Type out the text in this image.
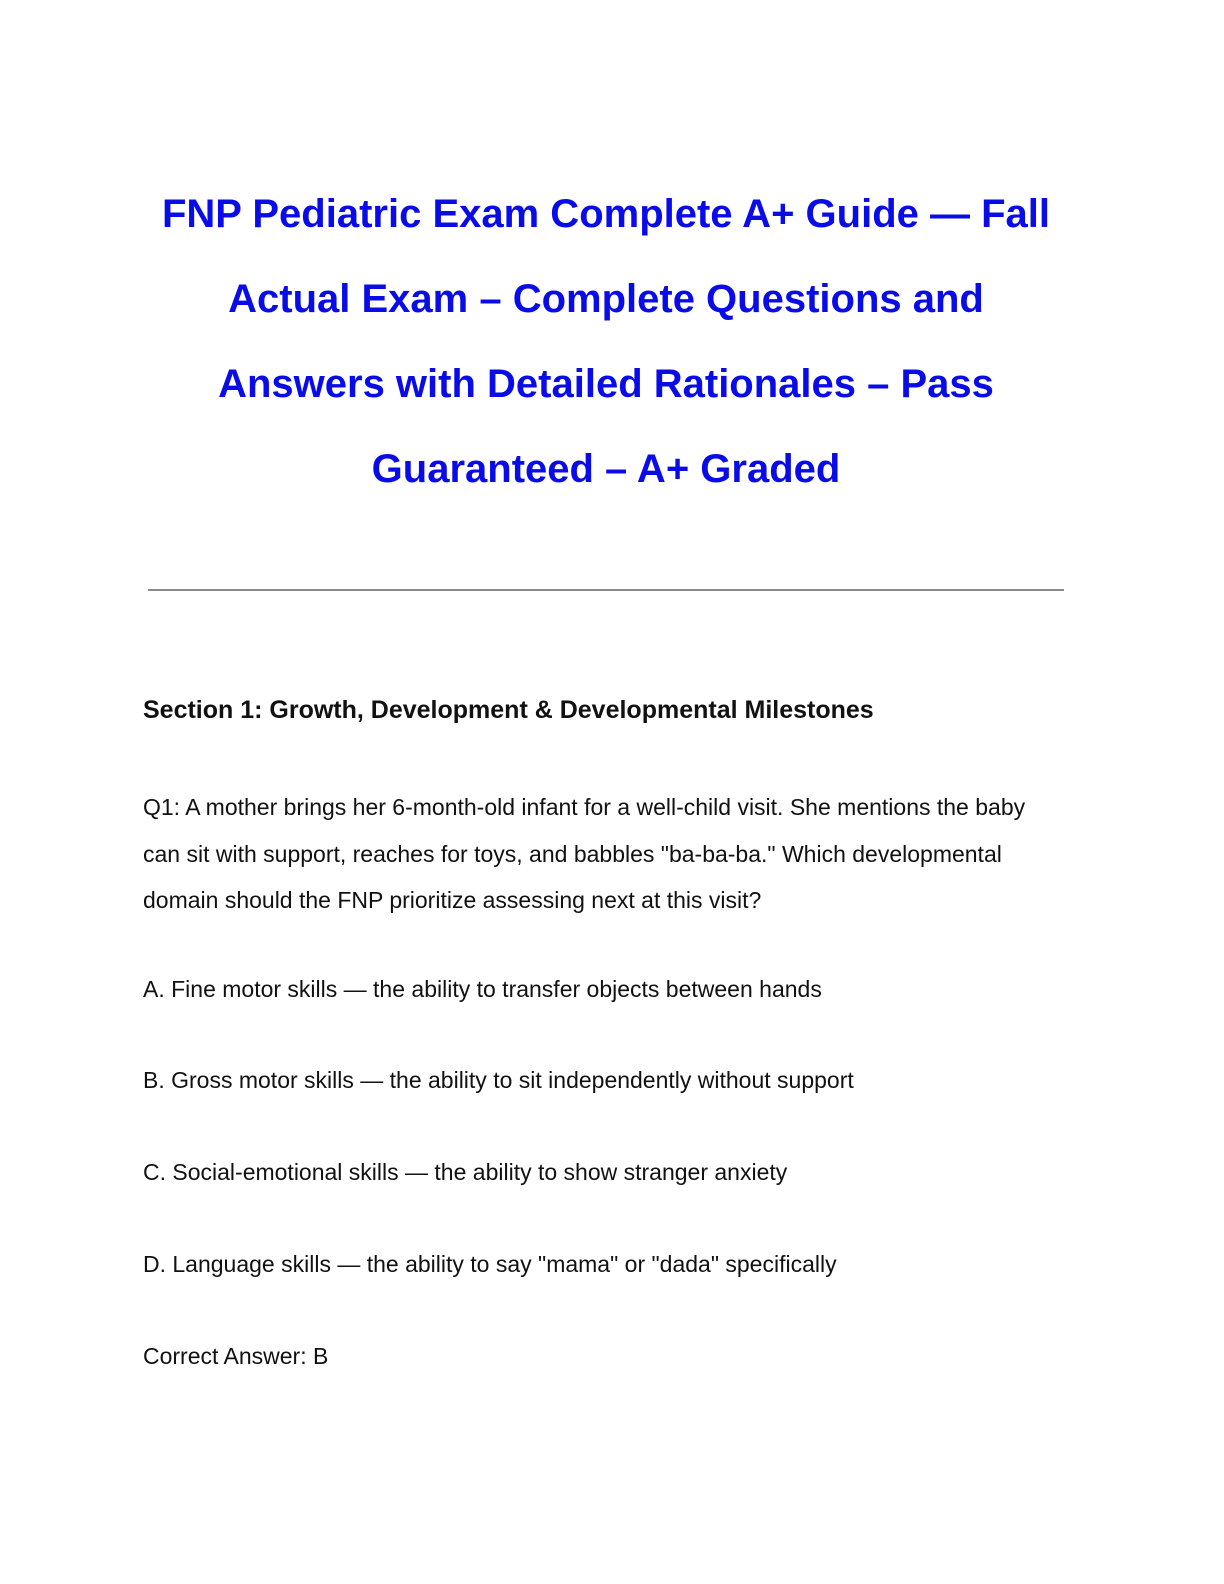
FNP Pediatric Exam Complete A+ Guide — Fall Actual Exam – Complete Questions and Answers with Detailed Rationales – Pass Guaranteed – A+ Graded
Section 1: Growth, Development & Developmental Milestones

Q1: A mother brings her 6-month-old infant for a well-child visit. She mentions the baby can sit with support, reaches for toys, and babbles "ba-ba-ba." Which developmental domain should the FNP prioritize assessing next at this visit?

A. Fine motor skills — the ability to transfer objects between hands

B. Gross motor skills — the ability to sit independently without support

C. Social-emotional skills — the ability to show stranger anxiety

D. Language skills — the ability to say "mama" or "dada" specifically

Correct Answer: B
